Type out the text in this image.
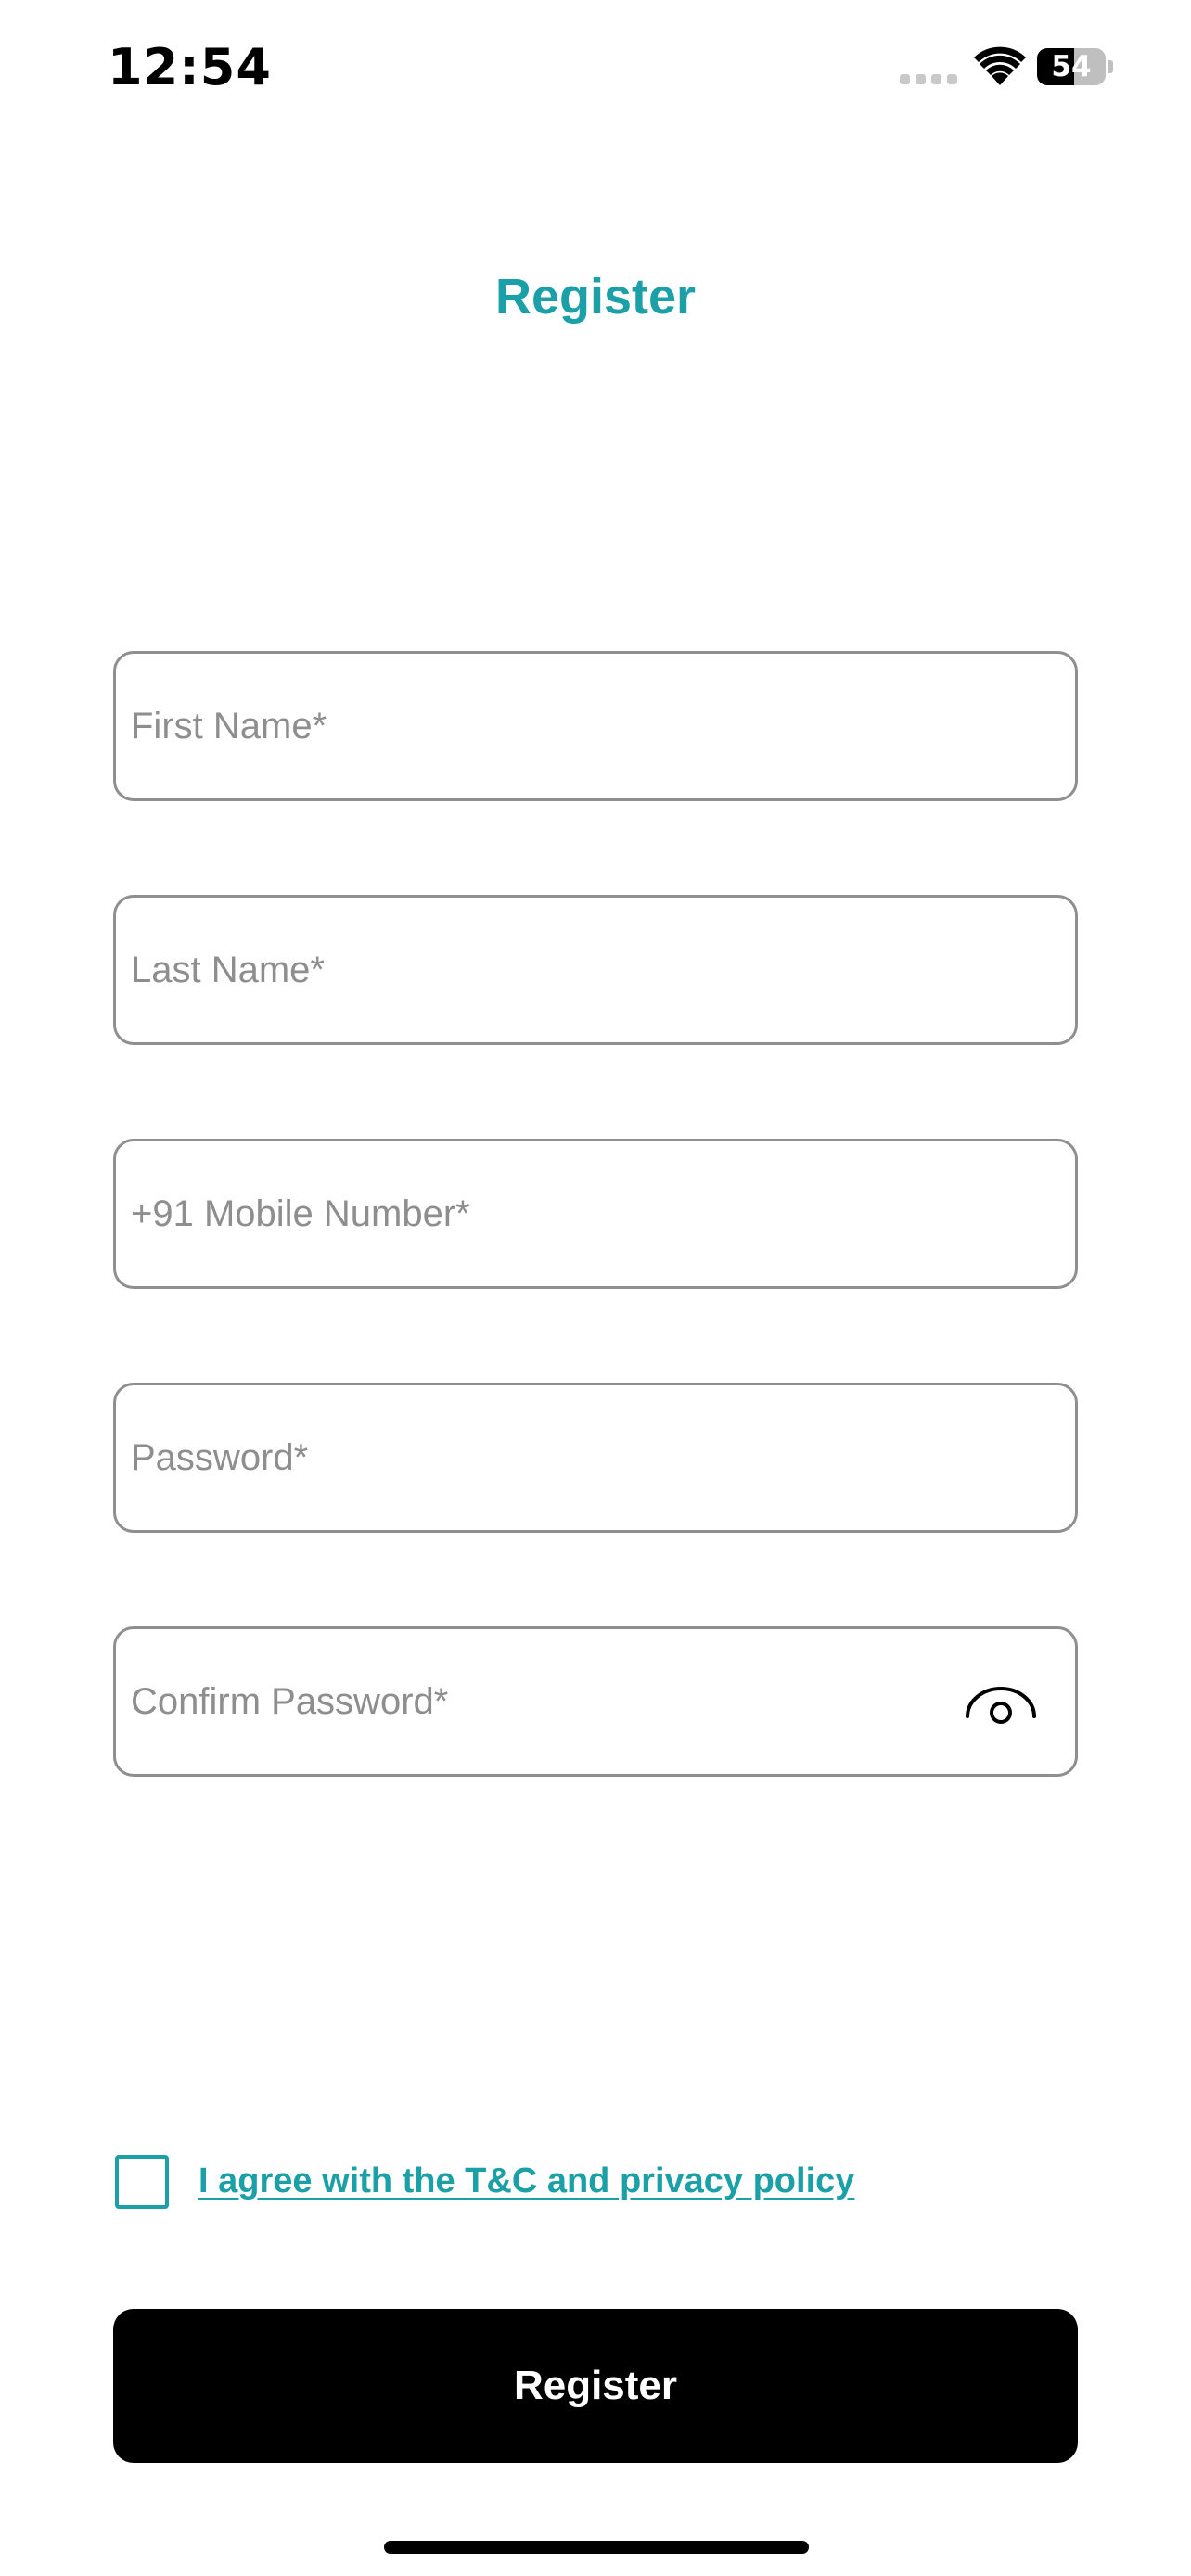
12:54	54
Register
First Name*
Last Name*
+91 Mobile Number*
I agree with the T&C and privacy policy
Register
